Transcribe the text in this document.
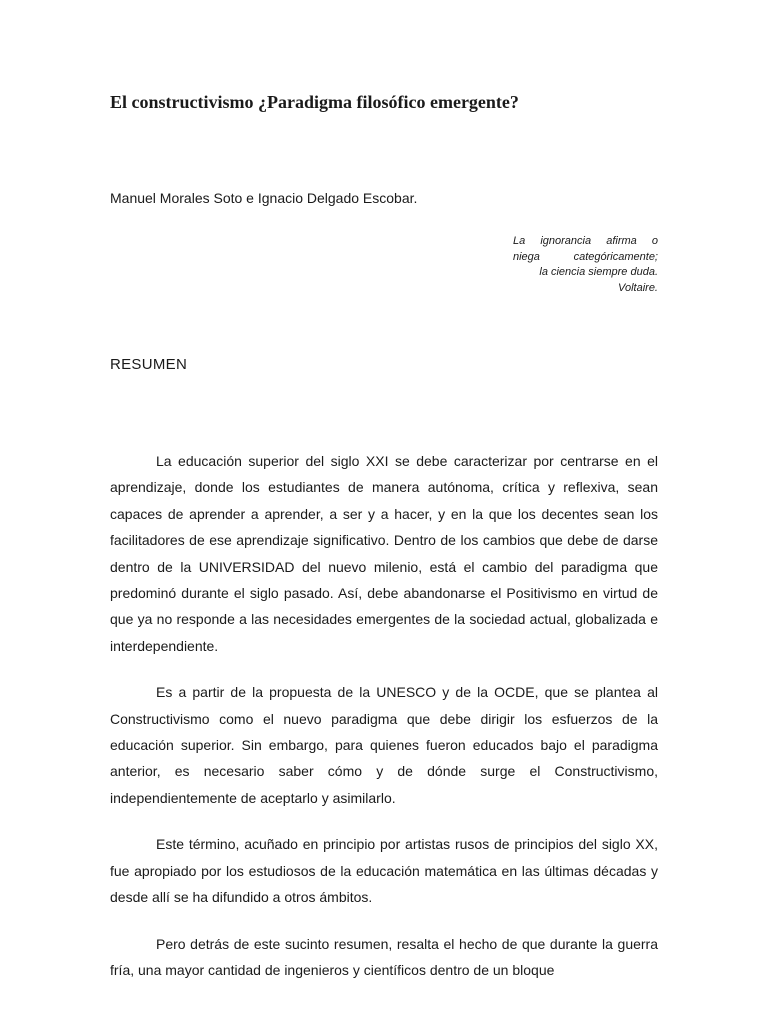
El constructivismo ¿Paradigma filosófico emergente?

Manuel Morales Soto e Ignacio Delgado Escobar.

La ignorancia afirma o
niega categóricamente;
la ciencia siempre duda.
Voltaire.
RESUMEN

La educación superior del siglo XXI se debe caracterizar por centrarse en el aprendizaje, donde los estudiantes de manera autónoma, crítica y reflexiva, sean capaces de aprender a aprender, a ser y a hacer, y en la que los decentes sean los facilitadores de ese aprendizaje significativo. Dentro de los cambios que debe de darse dentro de la UNIVERSIDAD del nuevo milenio, está el cambio del paradigma que predominó durante el siglo pasado. Así, debe abandonarse el Positivismo en virtud de que ya no responde a las necesidades emergentes de la sociedad actual, globalizada e interdependiente.

Es a partir de la propuesta de la UNESCO y de la OCDE, que se plantea al Constructivismo como el nuevo paradigma que debe dirigir los esfuerzos de la educación superior. Sin embargo, para quienes fueron educados bajo el paradigma anterior, es necesario saber cómo y de dónde surge el Constructivismo, independientemente de aceptarlo y asimilarlo.

Este término, acuñado en principio por artistas rusos de principios del siglo XX, fue apropiado por los estudiosos de la educación matemática en las últimas décadas y desde allí se ha difundido a otros ámbitos.

Pero detrás de este sucinto resumen, resalta el hecho de que durante la guerra fría, una mayor cantidad de ingenieros y científicos dentro de un bloque
